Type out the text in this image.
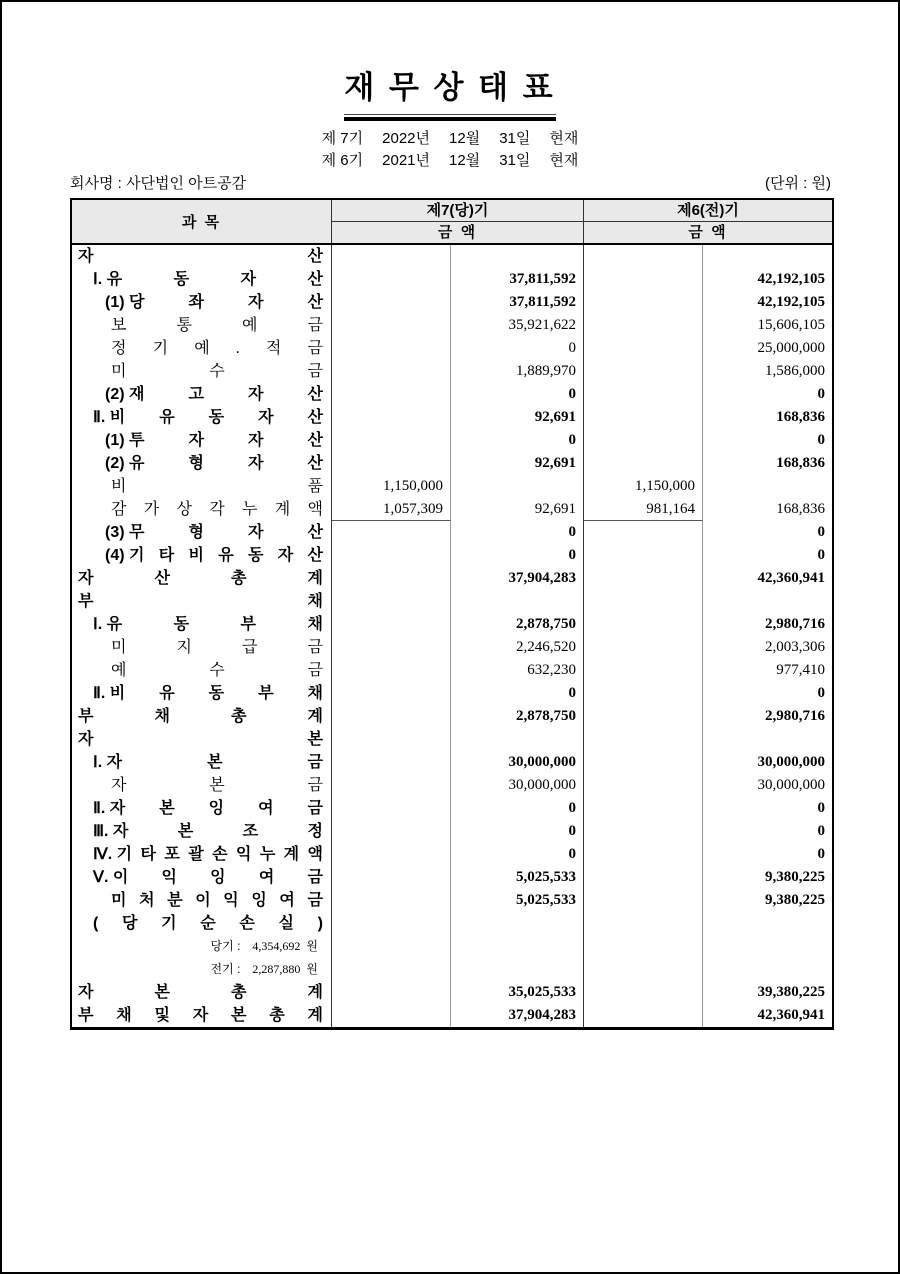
재 무 상 태 표
제 7기 2022년 12월 31일 현재
제 6기 2021년 12월 31일 현재
회사명 : 사단법인 아트공감	(단위 : 원)
과 목
제7(당)기
금 액
제6(전)기
금 액
자	산
Ⅰ. 유	동	자	산	37,811,592	42,192,105
(1) 당	좌	자	산	37,811,592	42,192,105
보	통	예	금	35,921,622	15,606,105
정 기 예 . 적 금	0	25,000,000
미	수	금	1,889,970	1,586,000
(2) 재	고	자	산	0	0
Ⅱ. 비 유 동 자 산	92,691	168,836
(1) 투	자	자	산	0	0
(2) 유	형	자	산	92,691	168,836
비	품	1,150,000	1,150,000
감 가 상 각 누 계 액	1,057,309	92,691	981,164	168,836
(3) 무	형	자	산	0	0
(4) 기 타 비 유 동 자 산	0	0
자	산	총	계	37,904,283	42,360,941
부	채
Ⅰ. 유	동	부	채	2,878,750	2,980,716
미	지	급	금	2,246,520	2,003,306
예	수	금	632,230	977,410
Ⅱ. 비 유 동 부 채	0	0
부	채	총	계	2,878,750	2,980,716
자	본
Ⅰ. 자	본	금	30,000,000	30,000,000
자	본	금	30,000,000	30,000,000
Ⅱ. 자 본 잉 여 금	0	0
Ⅲ. 자	본	조	정	0	0
Ⅳ. 기 타 포 괄 손 익 누 계 액	0	0
Ⅴ. 이 익 잉 여 금	5,025,533	9,380,225
미 처 분 이 익 잉 여 금	5,025,533	9,380,225
( 당 기 순 손 실 )
당기 : 4,354,692 원
전기 : 2,287,880 원
자	본	총	계	35,025,533	39,380,225
부 채 및 자 본 총 계	37,904,283	42,360,941
